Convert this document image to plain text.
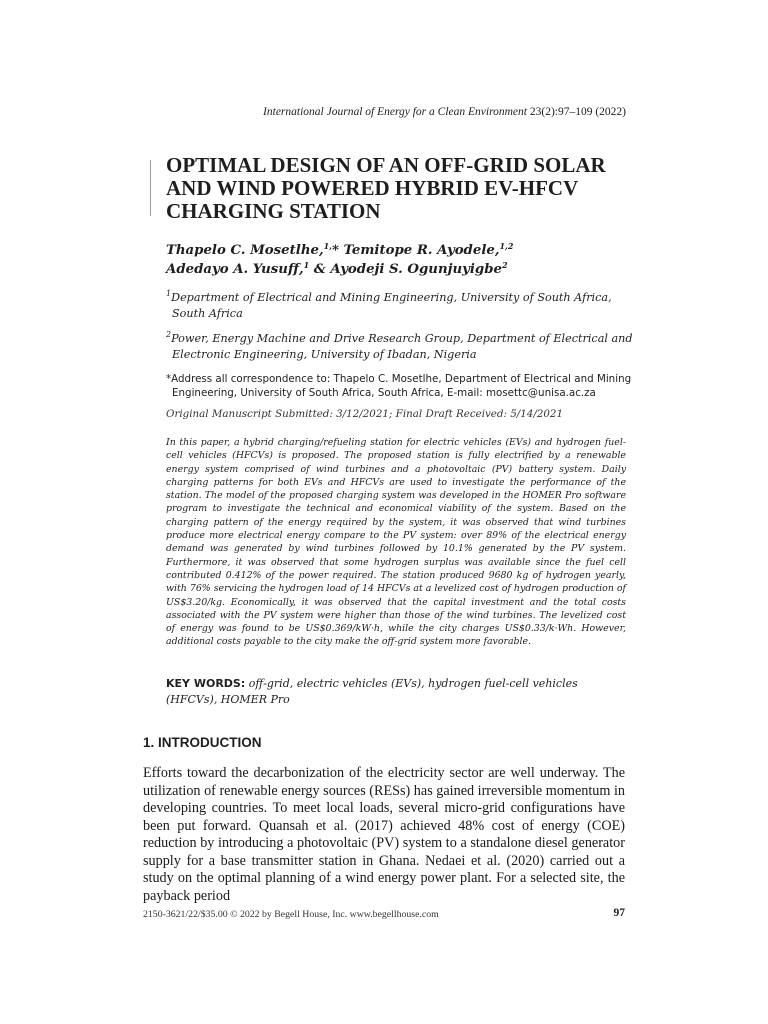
International Journal of Energy for a Clean Environment 23(2):97–109 (2022)
OPTIMAL DESIGN OF AN OFF-GRID SOLAR AND WIND POWERED HYBRID EV-HFCV CHARGING STATION
Thapelo C. Mosetlhe,$^{1,}$* Temitope R. Ayodele,$^{1,2}$
Adedayo A. Yusuff,$^1$ & Ayodeji S. Ogunjuyigbe$^2$
$^1$Department of Electrical and Mining Engineering, University of South Africa,
South Africa
$^2$Power, Energy Machine and Drive Research Group, Department of Electrical and
Electronic Engineering, University of Ibadan, Nigeria
*Address all correspondence to: Thapelo C. Mosetlhe, Department of Electrical and Mining
Engineering, University of South Africa, South Africa, E-mail: mosettc@unisa.ac.za
Original Manuscript Submitted: 3/12/2021; Final Draft Received: 5/14/2021

In this paper, a hybrid charging/refueling station for electric vehicles (EVs) and hydrogen fuel-cell vehicles (HFCVs) is proposed. The proposed station is fully electrified by a renewable energy system comprised of wind turbines and a photovoltaic (PV) battery system. Daily charging patterns for both EVs and HFCVs are used to investigate the performance of the station. The model of the proposed charging system was developed in the HOMER Pro software program to investigate the technical and economical viability of the system. Based on the charging pattern of the energy required by the system, it was observed that wind turbines produce more electrical energy compare to the PV system: over 89% of the electrical energy demand was generated by wind turbines followed by 10.1% generated by the PV system. Furthermore, it was observed that some hydrogen surplus was available since the fuel cell contributed 0.412% of the power required. The station produced 9680 kg of hydrogen yearly, with 76% servicing the hydrogen load of 14 HFCVs at a levelized cost of hydrogen production of US$3.20/kg. Economically, it was observed that the capital investment and the total costs associated with the PV system were higher than those of the wind turbines. The levelized cost of energy was found to be US$0.369/kW·h, while the city charges US$0.33/k·Wh. However, additional costs payable to the city make the off-grid system more favorable.

KEY WORDS: off-grid, electric vehicles (EVs), hydrogen fuel-cell vehicles (HFCVs), HOMER Pro
1. INTRODUCTION

Efforts toward the decarbonization of the electricity sector are well underway. The utilization of renewable energy sources (RESs) has gained irreversible momentum in developing countries. To meet local loads, several micro-grid configurations have been put forward. Quansah et al. (2017) achieved 48% cost of energy (COE) reduction by introducing a photovoltaic (PV) system to a standalone diesel generator supply for a base transmitter station in Ghana. Nedaei et al. (2020) carried out a study on the optimal planning of a wind energy power plant. For a selected site, the payback period

2150-3621/22/$35.00 © 2022 by Begell House, Inc. www.begellhouse.com	97
